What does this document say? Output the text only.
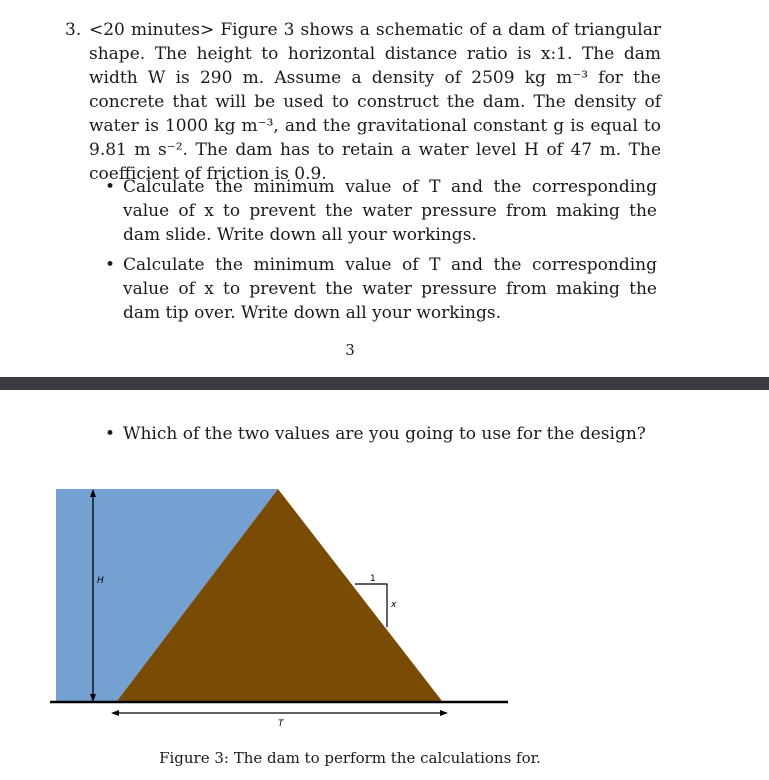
3. <20 minutes> Figure 3 shows a schematic of a dam of triangular shape. The height to horizontal distance ratio is x:1. The dam width W is 290 m. Assume a density of 2509 kg m⁻³ for the concrete that will be used to construct the dam. The density of water is 1000 kg m⁻³, and the gravitational constant g is equal to 9.81 m s⁻². The dam has to retain a water level H of 47 m. The coefficient of friction is 0.9.
• Calculate the minimum value of T and the corresponding value of x to prevent the water pressure from making the dam slide. Write down all your workings.
• Calculate the minimum value of T and the corresponding value of x to prevent the water pressure from making the dam tip over. Write down all your workings.
3
• Which of the two values are you going to use for the design?
H	1
x
T
Figure 3: The dam to perform the calculations for.
